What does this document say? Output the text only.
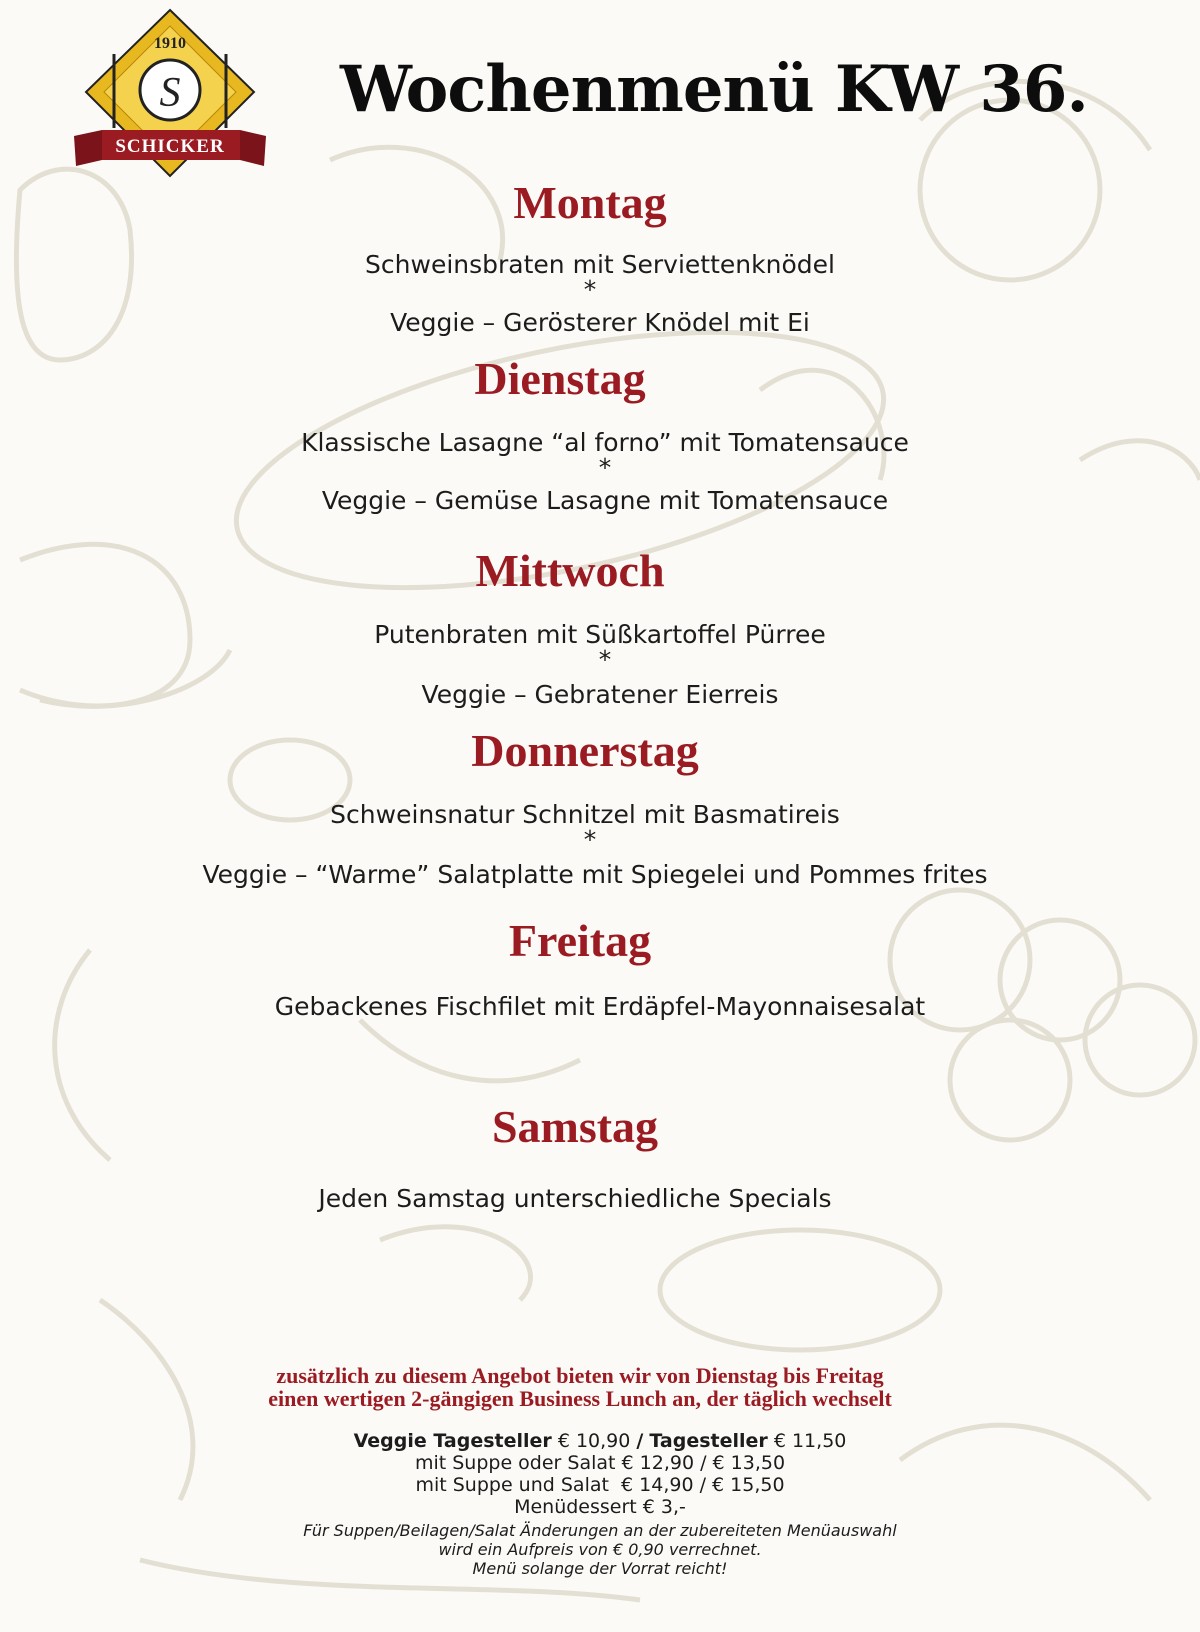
1910
S
SCHICKER
Wochenmenü KW 36.
Montag
Schweinsbraten mit Serviettenknödel
*
Veggie – Gerösterer Knödel mit Ei
Dienstag
Klassische Lasagne “al forno” mit Tomatensauce
*
Veggie – Gemüse Lasagne mit Tomatensauce
Mittwoch
Putenbraten mit Süßkartoffel Pürree
*
Veggie – Gebratener Eierreis
Donnerstag
Schweinsnatur Schnitzel mit Basmatireis
*
Veggie – “Warme” Salatplatte mit Spiegelei und Pommes frites
Freitag
Gebackenes Fischfilet mit Erdäpfel-Mayonnaisesalat
Samstag
Jeden Samstag unterschiedliche Specials
zusätzlich zu diesem Angebot bieten wir von Dienstag bis Freitag
einen wertigen 2-gängigen Business Lunch an, der täglich wechselt
Veggie Tagesteller € 10,90 / Tagesteller € 11,50
mit Suppe oder Salat € 12,90 / € 13,50
mit Suppe und Salat  € 14,90 / € 15,50
Menüdessert € 3,-
Für Suppen/Beilagen/Salat Änderungen an der zubereiteten Menüauswahl
wird ein Aufpreis von € 0,90 verrechnet.
Menü solange der Vorrat reicht!
